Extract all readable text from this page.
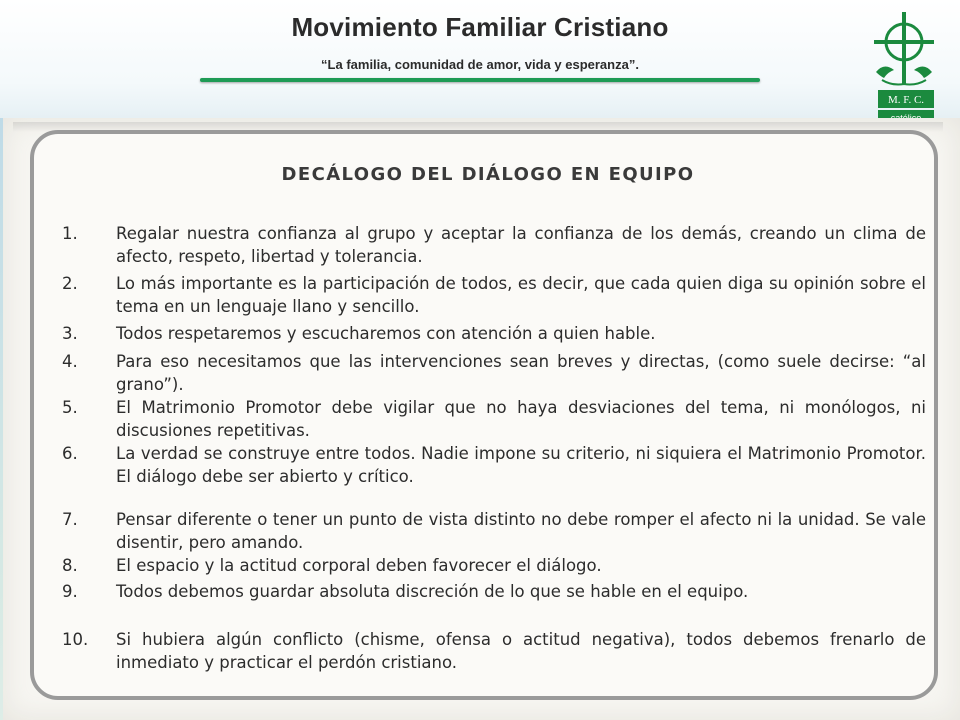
Movimiento Familiar Cristiano
“La familia, comunidad de amor, vida y esperanza”.
M. F. C.
DECÁLOGO DEL DIÁLOGO EN EQUIPO
1.	Regalar nuestra confianza al grupo y aceptar la confianza de los demás, creando un clima de afecto, respeto, libertad y tolerancia.
2.	Lo más importante es la participación de todos, es decir, que cada quien diga su opinión sobre el tema en un lenguaje llano y sencillo.
3.	Todos respetaremos y escucharemos con atención a quien hable.
4.	Para eso necesitamos que las intervenciones sean breves y directas, (como suele decirse: “al grano”).
5.	El Matrimonio Promotor debe vigilar que no haya desviaciones del tema, ni monólogos, ni discusiones repetitivas.
6.	La verdad se construye entre todos. Nadie impone su criterio, ni siquiera el Matrimonio Promotor. El diálogo debe ser abierto y crítico.
7.	Pensar diferente o tener un punto de vista distinto no debe romper el afecto ni la unidad. Se vale disentir, pero amando.
8.	El espacio y la actitud corporal deben favorecer el diálogo.
9.	Todos debemos guardar absoluta discreción de lo que se hable en el equipo.
10.	Si hubiera algún conflicto (chisme, ofensa o actitud negativa), todos debemos frenarlo de inmediato y practicar el perdón cristiano.
